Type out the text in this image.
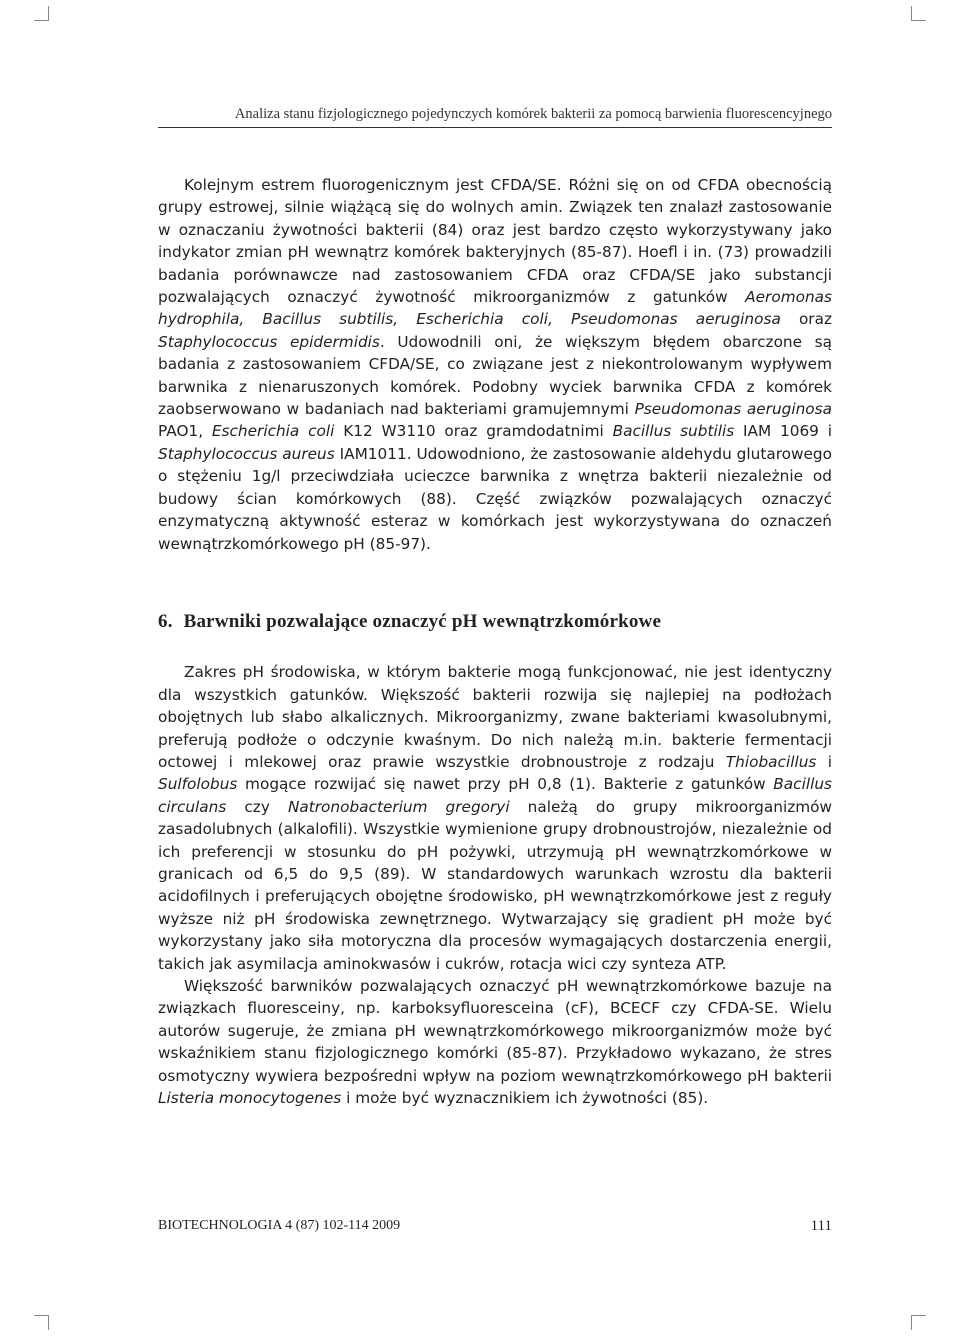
Analiza stanu fizjologicznego pojedynczych komórek bakterii za pomocą barwienia fluorescencyjnego

Kolejnym estrem fluorogenicznym jest CFDA/SE. Różni się on od CFDA obecnością grupy estrowej, silnie wiążącą się do wolnych amin. Związek ten znalazł zastosowanie w oznaczaniu żywotności bakterii (84) oraz jest bardzo często wykorzystywany jako indykator zmian pH wewnątrz komórek bakteryjnych (85-87). Hoefl i in. (73) prowadzili badania porównawcze nad zastosowaniem CFDA oraz CFDA/SE jako substancji pozwalających oznaczyć żywotność mikroorganizmów z gatunków Aeromonas hydrophila, Bacillus subtilis, Escherichia coli, Pseudomonas aeruginosa oraz Staphylococcus epidermidis. Udowodnili oni, że większym błędem obarczone są badania z zastosowaniem CFDA/SE, co związane jest z niekontrolowanym wypływem barwnika z nienaruszonych komórek. Podobny wyciek barwnika CFDA z komórek zaobserwowano w badaniach nad bakteriami gramujemnymi Pseudomonas aeruginosa PAO1, Escherichia coli K12 W3110 oraz gramdodatnimi Bacillus subtilis IAM 1069 i Staphylococcus aureus IAM1011. Udowodniono, że zastosowanie aldehydu glutarowego o stężeniu 1g/l przeciwdziała ucieczce barwnika z wnętrza bakterii niezależnie od budowy ścian komórkowych (88). Część związków pozwalających oznaczyć enzymatyczną aktywność esteraz w komórkach jest wykorzystywana do oznaczeń wewnątrzkomórkowego pH (85-97).

6. Barwniki pozwalające oznaczyć pH wewnątrzkomórkowe

Zakres pH środowiska, w którym bakterie mogą funkcjonować, nie jest identyczny dla wszystkich gatunków. Większość bakterii rozwija się najlepiej na podłożach obojętnych lub słabo alkalicznych. Mikroorganizmy, zwane bakteriami kwasolubnymi, preferują podłoże o odczynie kwaśnym. Do nich należą m.in. bakterie fermentacji octowej i mlekowej oraz prawie wszystkie drobnoustroje z rodzaju Thiobacillus i Sulfolobus mogące rozwijać się nawet przy pH 0,8 (1). Bakterie z gatunków Bacillus circulans czy Natronobacterium gregoryi należą do grupy mikroorganizmów zasadolubnych (alkalofili). Wszystkie wymienione grupy drobnoustrojów, niezależnie od ich preferencji w stosunku do pH pożywki, utrzymują pH wewnątrzkomórkowe w granicach od 6,5 do 9,5 (89). W standardowych warunkach wzrostu dla bakterii acidofilnych i preferujących obojętne środowisko, pH wewnątrzkomórkowe jest z reguły wyższe niż pH środowiska zewnętrznego. Wytwarzający się gradient pH może być wykorzystany jako siła motoryczna dla procesów wymagających dostarczenia energii, takich jak asymilacja aminokwasów i cukrów, rotacja wici czy synteza ATP.

Większość barwników pozwalających oznaczyć pH wewnątrzkomórkowe bazuje na związkach fluoresceiny, np. karboksyfluoresceina (cF), BCECF czy CFDA-SE. Wielu autorów sugeruje, że zmiana pH wewnątrzkomórkowego mikroorganizmów może być wskaźnikiem stanu fizjologicznego komórki (85-87). Przykładowo wykazano, że stres osmotyczny wywiera bezpośredni wpływ na poziom wewnątrzkomórkowego pH bakterii Listeria monocytogenes i może być wyznacznikiem ich żywotności (85).

BIOTECHNOLOGIA 4 (87) 102-114 2009	111
